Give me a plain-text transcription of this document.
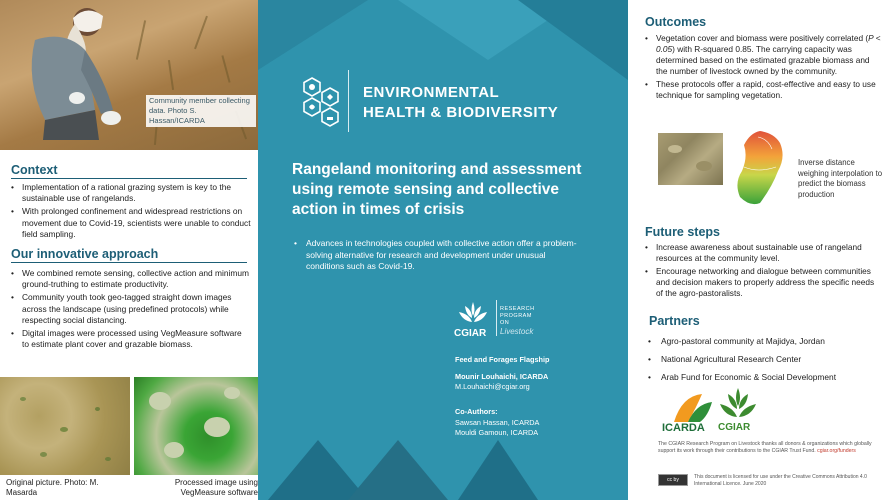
Community member collecting data. Photo S. Hassan/ICARDA
Context
• Implementation of a rational grazing system is key to the sustainable use of rangelands.
• With prolonged confinement and widespread restrictions on movement due to Covid-19, scientists were unable to conduct field sampling.
Our innovative approach
• We combined remote sensing, collective action and minimum ground-truthing to estimate productivity.
• Community youth took geo-tagged straight down images across the landscape (using predefined protocols) while respecting social distancing.
• Digital images were processed using VegMeasure software to estimate plant cover and grazable biomass.
Original picture. Photo: M. Masarda
Processed image using VegMeasure software
ENVIRONMENTAL
HEALTH & BIODIVERSITY
Rangeland monitoring and assessment using remote sensing and collective action in times of crisis
• Advances in technologies coupled with collective action offer a problem-solving alternative for research and development under unusual conditions such as Covid-19.
CGIAR
RESEARCH
PROGRAM
ON
Livestock
Feed and Forages Flagship
Mounir Louhaichi, ICARDA
M.Louhaichi@cgiar.org
Co-Authors:
Sawsan Hassan, ICARDA
Mouldi Gamoun, ICARDA
Outcomes
• Vegetation cover and biomass were positively correlated (P < 0.05) with R-squared 0.85. The carrying capacity was determined based on the estimated grazable biomass and the number of livestock owned by the community.
• These protocols offer a rapid, cost-effective and easy to use technique for sampling vegetation.
Inverse distance weighing interpolation to predict the biomass production
Future steps
• Increase awareness about sustainable use of rangeland resources at the community level.
• Encourage networking and dialogue between communities and decision makers to properly address the specific needs of the agro-pastoralists.
Partners
• Agro-pastoral community at Majidya, Jordan
• National Agricultural Research Center
• Arab Fund for Economic & Social Development
ICARDA CGIAR
The CGIAR Research Program on Livestock thanks all donors & organizations which globally support its work through their contributions to the CGIAR Trust Fund. cgiar.org/funders
cc by	This document is licensed for use under the Creative Commons Attribution 4.0 International Licence. June 2020
